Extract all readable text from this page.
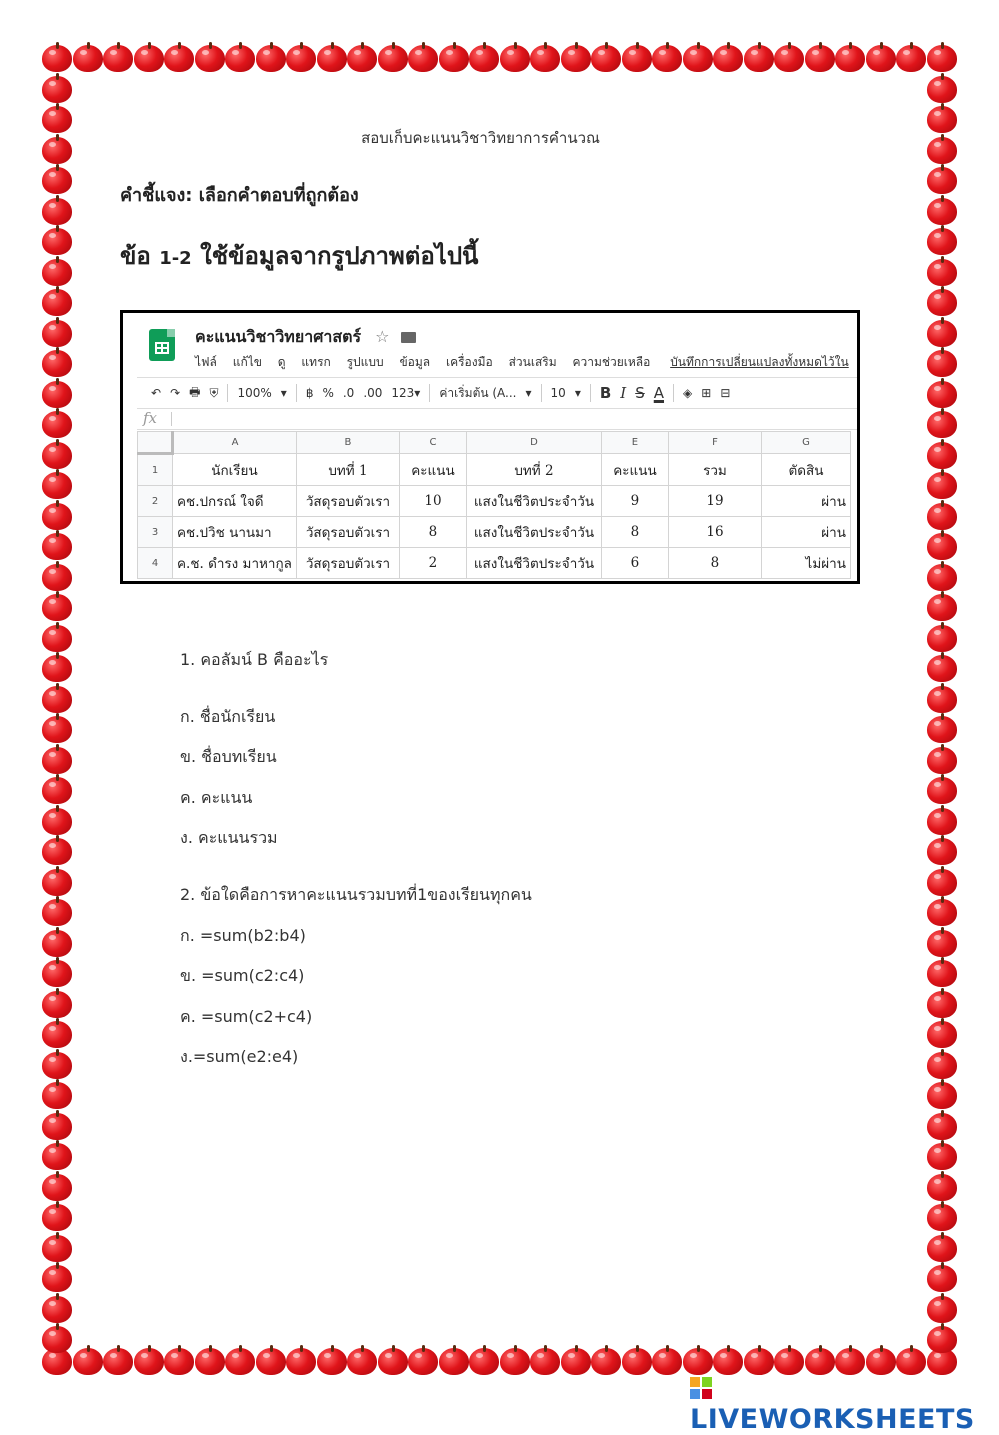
สอบเก็บคะแนนวิชาวิทยาการคำนวณ
คำชี้แจง: เลือกคำตอบที่ถูกต้อง
ข้อ 1-2 ใช้ข้อมูลจากรูปภาพต่อไปนี้
คะแนนวิชาวิทยาศาสตร์ ☆
ไฟล์ แก้ไข ดู แทรก รูปแบบ ข้อมูล เครื่องมือ ส่วนเสริม ความช่วยเหลือ บันทึกการเปลี่ยนแปลงทั้งหมดไว้ใน
↶ ↷ 🖶 ⛨ 100% ▾ ฿ % .0 .00 123▾ ค่าเริ่มต้น (A... ▾ 10 ▾ B I S A ◈ ⊞ ⊟
fx
	A	B	C	D	E	F	G
1	นักเรียน	บทที่ 1	คะแนน	บทที่ 2	คะแนน	รวม	ตัดสิน
2	คช.ปกรณ์ ใจดี	วัสดุรอบตัวเรา	10	แสงในชีวิตประจำวัน	9	19	ผ่าน
3	คช.ปวิช นานมา	วัสดุรอบตัวเรา	8	แสงในชีวิตประจำวัน	8	16	ผ่าน
4	ค.ช. ดำรง มาหากูล	วัสดุรอบตัวเรา	2	แสงในชีวิตประจำวัน	6	8	ไม่ผ่าน
1. คอลัมน์ B คืออะไร
ก. ชื่อนักเรียน
ข. ชื่อบทเรียน
ค. คะแนน
ง. คะแนนรวม
2. ข้อใดคือการหาคะแนนรวมบทที่1ของเรียนทุกคน
ก. =sum(b2:b4)
ข. =sum(c2:c4)
ค. =sum(c2+c4)
ง.=sum(e2:e4)
LIVEWORKSHEETS
